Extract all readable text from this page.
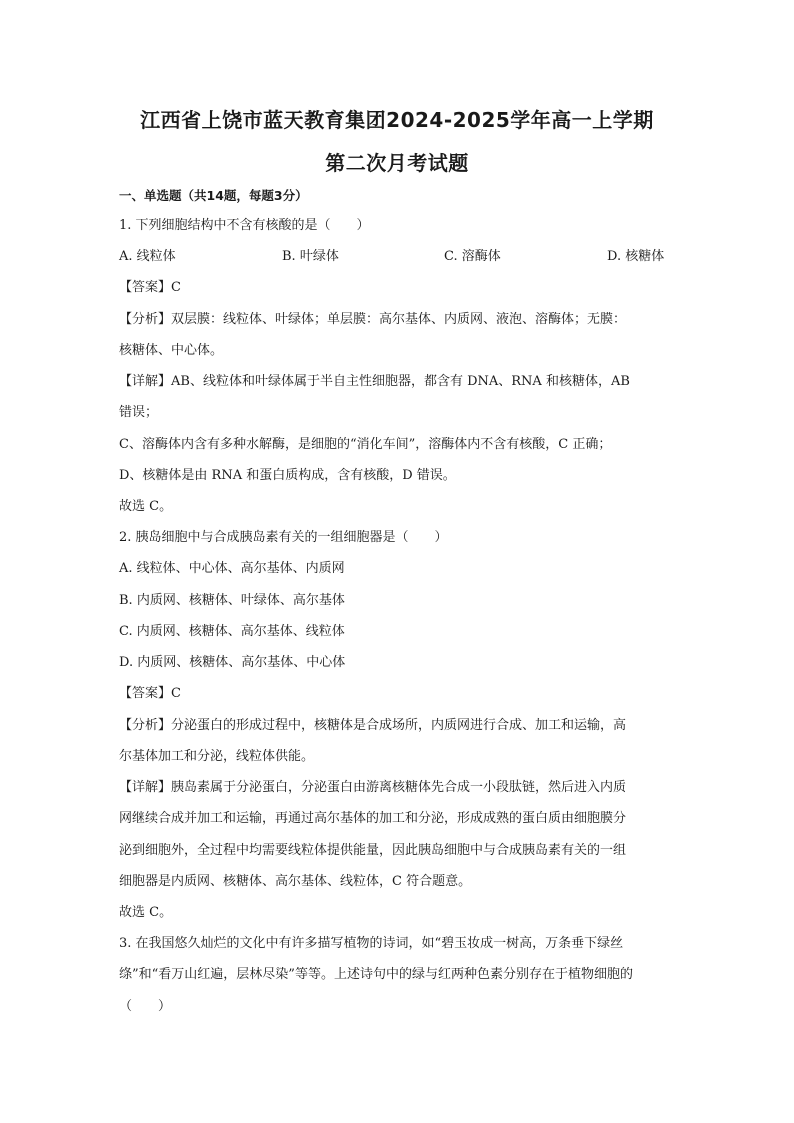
江西省上饶市蓝天教育集团2024-2025学年高一上学期
第二次月考试题
一、单选题（共14题，每题3分）
1. 下列细胞结构中不含有核酸的是（　　）
A. 线粒体	B. 叶绿体	C. 溶酶体	D. 核糖体
【答案】C
【分析】双层膜：线粒体、叶绿体；单层膜：高尔基体、内质网、液泡、溶酶体；无膜：
核糖体、中心体。
【详解】AB、线粒体和叶绿体属于半自主性细胞器，都含有 DNA、RNA 和核糖体，AB
错误；
C、溶酶体内含有多种水解酶，是细胞的“消化车间”，溶酶体内不含有核酸，C 正确；
D、核糖体是由 RNA 和蛋白质构成，含有核酸，D 错误。
故选 C。
2. 胰岛细胞中与合成胰岛素有关的一组细胞器是（　　）
A. 线粒体、中心体、高尔基体、内质网
B. 内质网、核糖体、叶绿体、高尔基体
C. 内质网、核糖体、高尔基体、线粒体
D. 内质网、核糖体、高尔基体、中心体
【答案】C
【分析】分泌蛋白的形成过程中，核糖体是合成场所，内质网进行合成、加工和运输，高
尔基体加工和分泌，线粒体供能。
【详解】胰岛素属于分泌蛋白，分泌蛋白由游离核糖体先合成一小段肽链，然后进入内质
网继续合成并加工和运输，再通过高尔基体的加工和分泌，形成成熟的蛋白质由细胞膜分
泌到细胞外，全过程中均需要线粒体提供能量，因此胰岛细胞中与合成胰岛素有关的一组
细胞器是内质网、核糖体、高尔基体、线粒体，C 符合题意。
故选 C。
3. 在我国悠久灿烂的文化中有许多描写植物的诗词，如“碧玉妆成一树高，万条垂下绿丝
绦”和“看万山红遍，层林尽染”等等。上述诗句中的绿与红两种色素分别存在于植物细胞的
（　　）
